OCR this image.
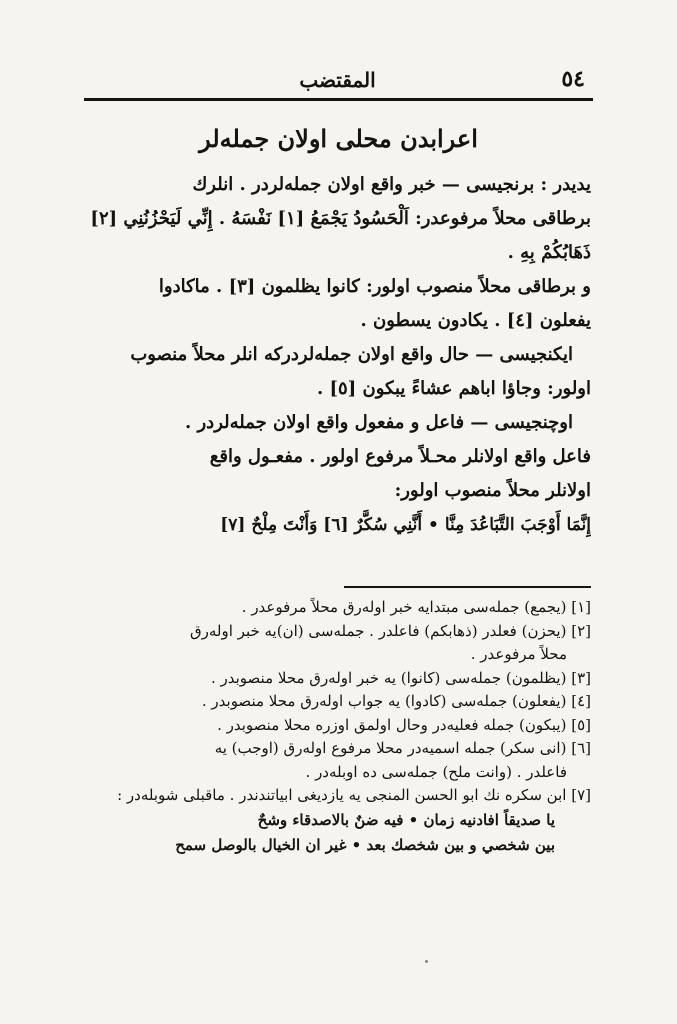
٥٤
المقتضب
اعرابدن محلی اولان جمله‌لر
یدیدر : برنجیسی — خبر واقع اولان جمله‌لردر . انلرك
برطاقی محلاً مرفوعدر: اَلْحَسُودُ يَجْمَعُ [١] نَفْسَهُ . إِنِّي لَيَحْزُنُنِي [٢]
ذَهَابُكُمْ بِهِ .
و برطاقی محلاً منصوب اولور: كانوا يظلمون [٣] . ماكادوا
يفعلون [٤] . يكادون يسطون .
ایکنجیسی — حال واقع اولان جمله‌لردرکه انلر محلاً منصوب
اولور: وجاؤا اباهم عشاءً يبكون [٥] .
اوچنجیسی — فاعل و مفعول واقع اولان جمله‌لردر .
فاعل واقع اولانلر محـلاً مرفوع اولور . مفعـول واقع
اولانلر محلاً منصوب اولور:
إِنَّمَا أَوْجَبَ التَّبَاعُدَ مِنَّا • أَنَّنِي سُكَّرٌ [٦] وَأَنْتَ مِلْحٌ [٧]
[١] (يجمع) جمله‌سی مبتدایه خبر اوله‌رق محلاً مرفوعدر .
[٢] (يحزن) فعلدر (ذهابكم) فاعلدر . جمله‌سی (ان)یه خبر اوله‌رق
محلاً مرفوعدر .
[٣] (يظلمون) جمله‌سی (كانوا) يه خبر اوله‌رق محلا منصوبدر .
[٤] (يفعلون) جمله‌سی (كادوا) يه جواب اوله‌رق محلا منصوبدر .
[٥] (يبكون) جمله فعليه‌در وحال اولمق اوزره محلا منصوبدر .
[٦] (انی سكر) جمله اسميه‌در محلا مرفوع اوله‌رق (اوجب) يه
فاعلدر . (وانت ملح) جمله‌سی ده اوبله‌در .
[٧] ابن سكره نك ابو الحسن المنجی يه يازديغی ابياتندندر . ماقبلی شوبله‌در :
يا صديقاً افادنيه زمان • فيه ضنٌ بالاصدقاء وشحٌ
بين شخصي و بين شخصك بعد • غير ان الخيال بالوصل سمح
